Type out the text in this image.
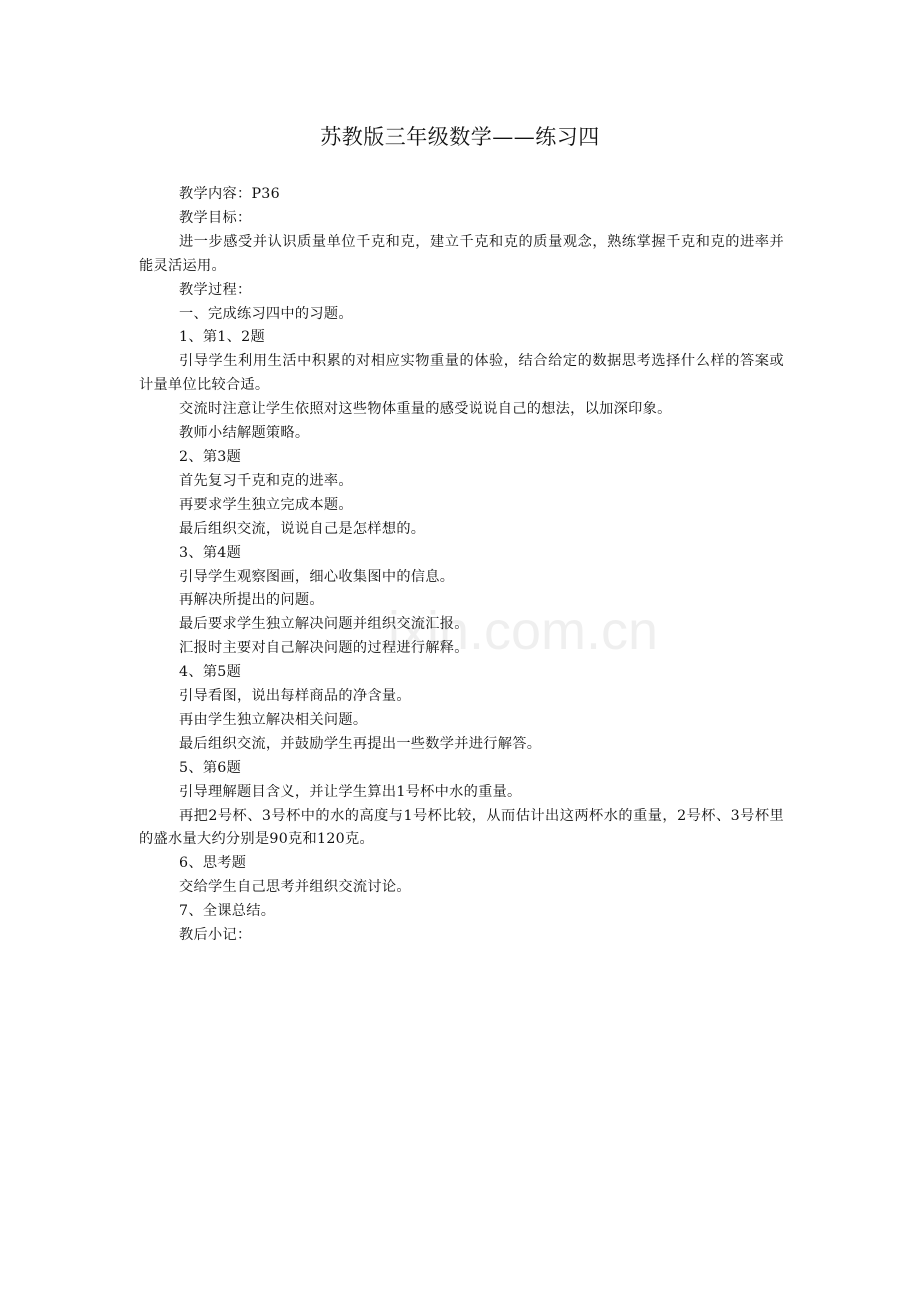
苏教版三年级数学——练习四

教学内容：P36

教学目标：

进一步感受并认识质量单位千克和克，建立千克和克的质量观念，熟练掌握千克和克的进率并能灵活运用。

教学过程：

一、完成练习四中的习题。

1、第1、2题

引导学生利用生活中积累的对相应实物重量的体验，结合给定的数据思考选择什么样的答案或计量单位比较合适。

交流时注意让学生依照对这些物体重量的感受说说自己的想法，以加深印象。

教师小结解题策略。

2、第3题

首先复习千克和克的进率。

再要求学生独立完成本题。

最后组织交流，说说自己是怎样想的。

3、第4题

引导学生观察图画，细心收集图中的信息。

再解决所提出的问题。

最后要求学生独立解决问题并组织交流汇报。

汇报时主要对自己解决问题的过程进行解释。

4、第5题

引导看图，说出每样商品的净含量。

再由学生独立解决相关问题。

最后组织交流，并鼓励学生再提出一些数学并进行解答。

5、第6题

引导理解题目含义，并让学生算出1号杯中水的重量。

再把2号杯、3号杯中的水的高度与1号杯比较，从而估计出这两杯水的重量，2号杯、3号杯里的盛水量大约分别是90克和120克。

6、思考题

交给学生自己思考并组织交流讨论。

7、全课总结。

教后小记：

ixin.com.cn
